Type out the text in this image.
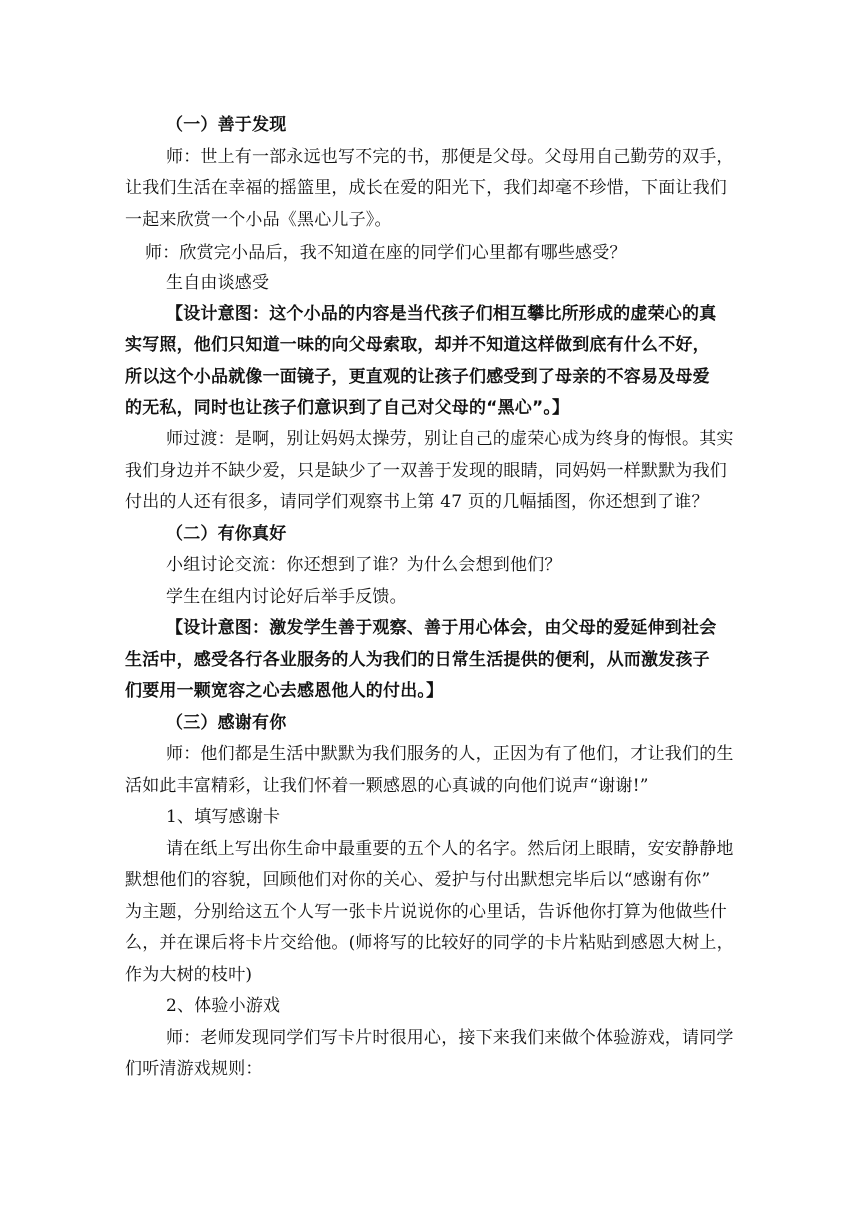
（一）善于发现
师：世上有一部永远也写不完的书，那便是父母。父母用自己勤劳的双手，
让我们生活在幸福的摇篮里，成长在爱的阳光下，我们却毫不珍惜，下面让我们
一起来欣赏一个小品《黑心儿子》。
师：欣赏完小品后，我不知道在座的同学们心里都有哪些感受？
生自由谈感受
【设计意图：这个小品的内容是当代孩子们相互攀比所形成的虚荣心的真
实写照，他们只知道一味的向父母索取，却并不知道这样做到底有什么不好，
所以这个小品就像一面镜子，更直观的让孩子们感受到了母亲的不容易及母爱
的无私，同时也让孩子们意识到了自己对父母的“黑心”。】
师过渡：是啊，别让妈妈太操劳，别让自己的虚荣心成为终身的悔恨。其实
我们身边并不缺少爱，只是缺少了一双善于发现的眼睛，同妈妈一样默默为我们
付出的人还有很多，请同学们观察书上第 47 页的几幅插图，你还想到了谁？
（二）有你真好
小组讨论交流：你还想到了谁？为什么会想到他们？
学生在组内讨论好后举手反馈。
【设计意图：激发学生善于观察、善于用心体会，由父母的爱延伸到社会
生活中，感受各行各业服务的人为我们的日常生活提供的便利，从而激发孩子
们要用一颗宽容之心去感恩他人的付出。】
（三）感谢有你
师：他们都是生活中默默为我们服务的人，正因为有了他们，才让我们的生
活如此丰富精彩，让我们怀着一颗感恩的心真诚的向他们说声“谢谢!”
1、填写感谢卡
请在纸上写出你生命中最重要的五个人的名字。然后闭上眼睛，安安静静地
默想他们的容貌，回顾他们对你的关心、爱护与付出默想完毕后以“感谢有你”
为主题，分别给这五个人写一张卡片说说你的心里话，告诉他你打算为他做些什
么，并在课后将卡片交给他。(师将写的比较好的同学的卡片粘贴到感恩大树上，
作为大树的枝叶)
2、体验小游戏
师：老师发现同学们写卡片时很用心，接下来我们来做个体验游戏，请同学
们听清游戏规则：
